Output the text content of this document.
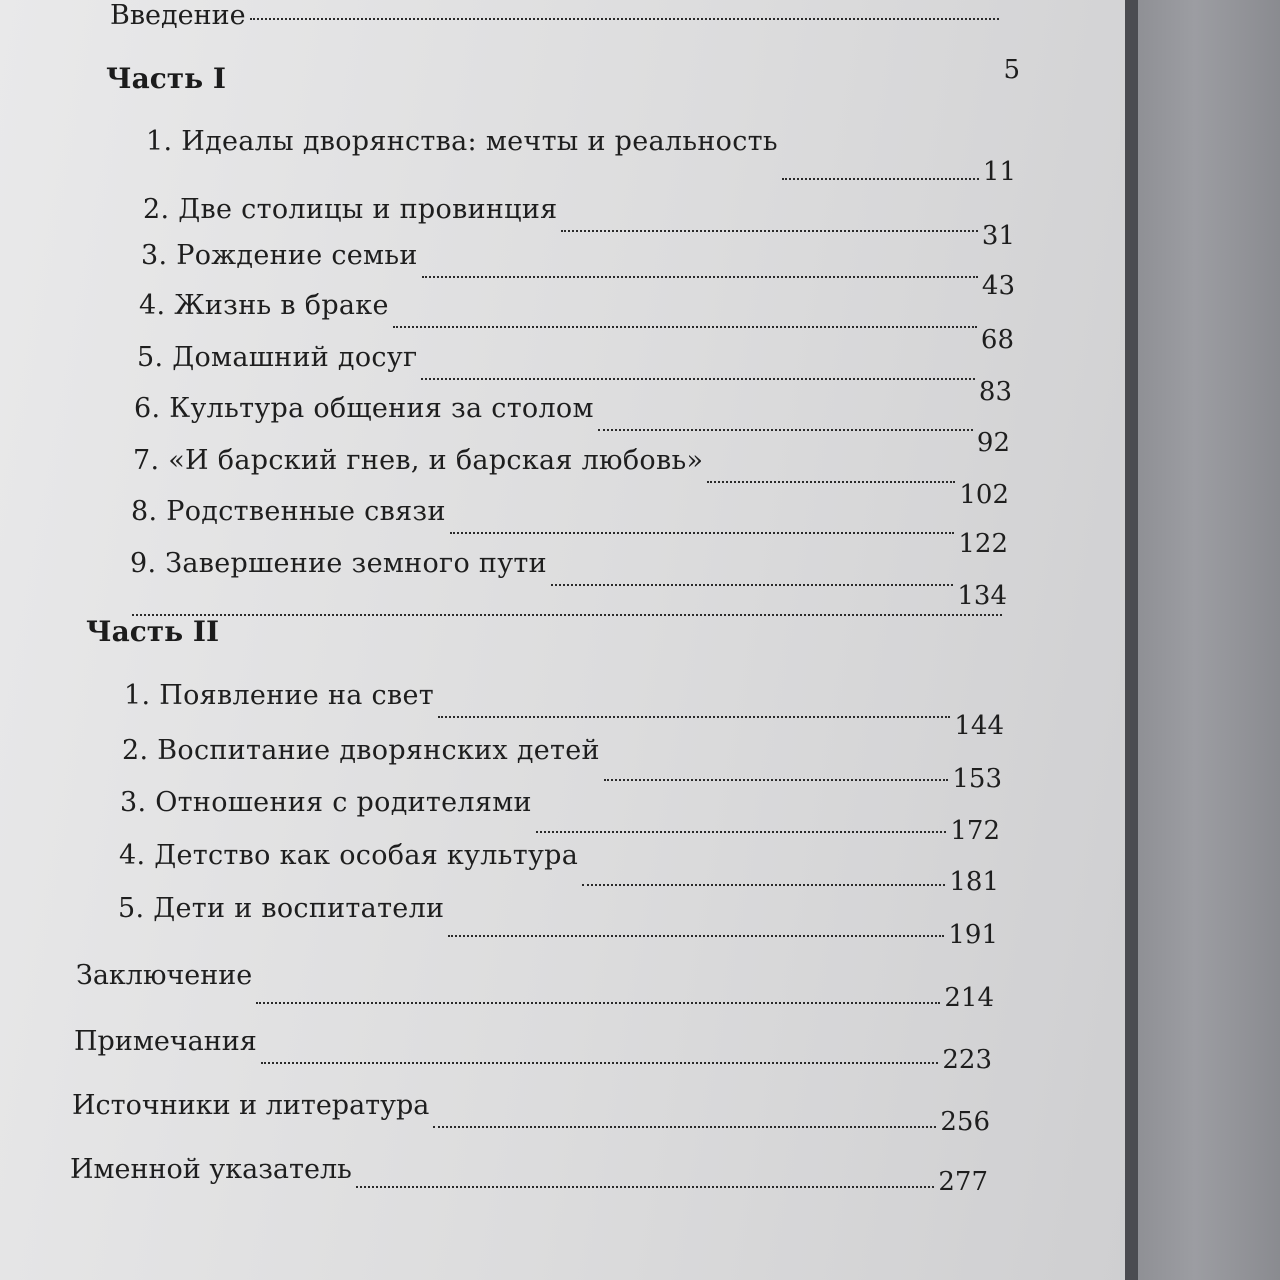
Введение
5
Часть I
1. Идеалы дворянства: мечты и реальность
11
2. Две столицы и провинция
31
3. Рождение семьи
43
4. Жизнь в браке
68
5. Домашний досуг
83
6. Культура общения за столом
92
7. «И барский гнев, и барская любовь»
102
8. Родственные связи
122
9. Завершение земного пути
134
Часть II
1. Появление на свет
144
2. Воспитание дворянских детей
153
3. Отношения с родителями
172
4. Детство как особая культура
181
5. Дети и воспитатели
191
Заключение
214
Примечания
223
Источники и литература
256
Именной указатель	277
